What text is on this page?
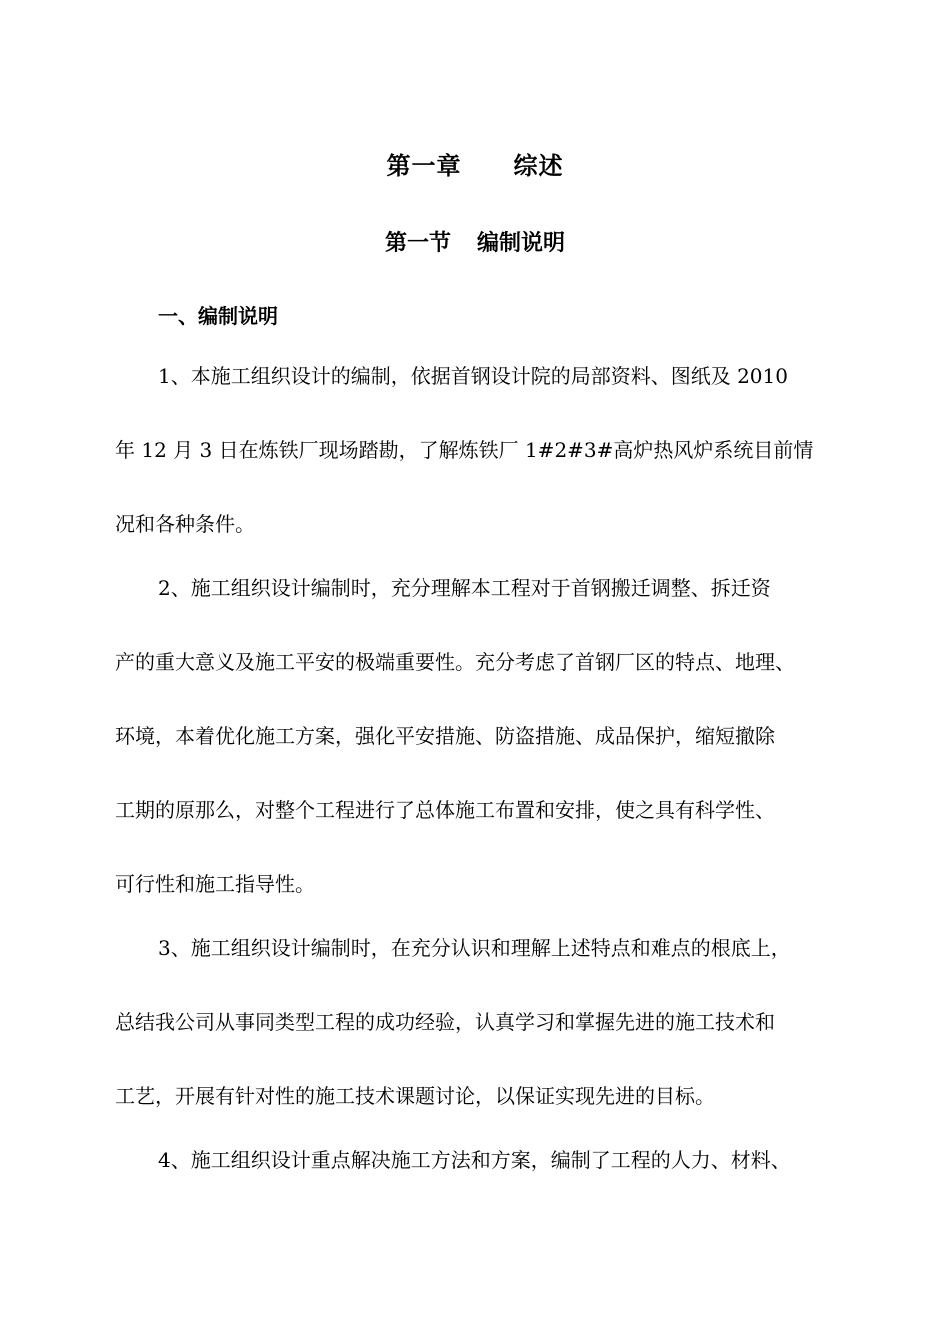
第一章 综述
第一节 编制说明
一、编制说明
1、本施工组织设计的编制，依据首钢设计院的局部资料、图纸及 2010
年 12 月 3 日在炼铁厂现场踏勘，了解炼铁厂 1#2#3#高炉热风炉系统目前情
况和各种条件。
2、施工组织设计编制时，充分理解本工程对于首钢搬迁调整、拆迁资
产的重大意义及施工平安的极端重要性。充分考虑了首钢厂区的特点、地理、
环境，本着优化施工方案，强化平安措施、防盗措施、成品保护，缩短撤除
工期的原那么，对整个工程进行了总体施工布置和安排，使之具有科学性、
可行性和施工指导性。
3、施工组织设计编制时，在充分认识和理解上述特点和难点的根底上，
总结我公司从事同类型工程的成功经验，认真学习和掌握先进的施工技术和
工艺，开展有针对性的施工技术课题讨论，以保证实现先进的目标。
4、施工组织设计重点解决施工方法和方案，编制了工程的人力、材料、
